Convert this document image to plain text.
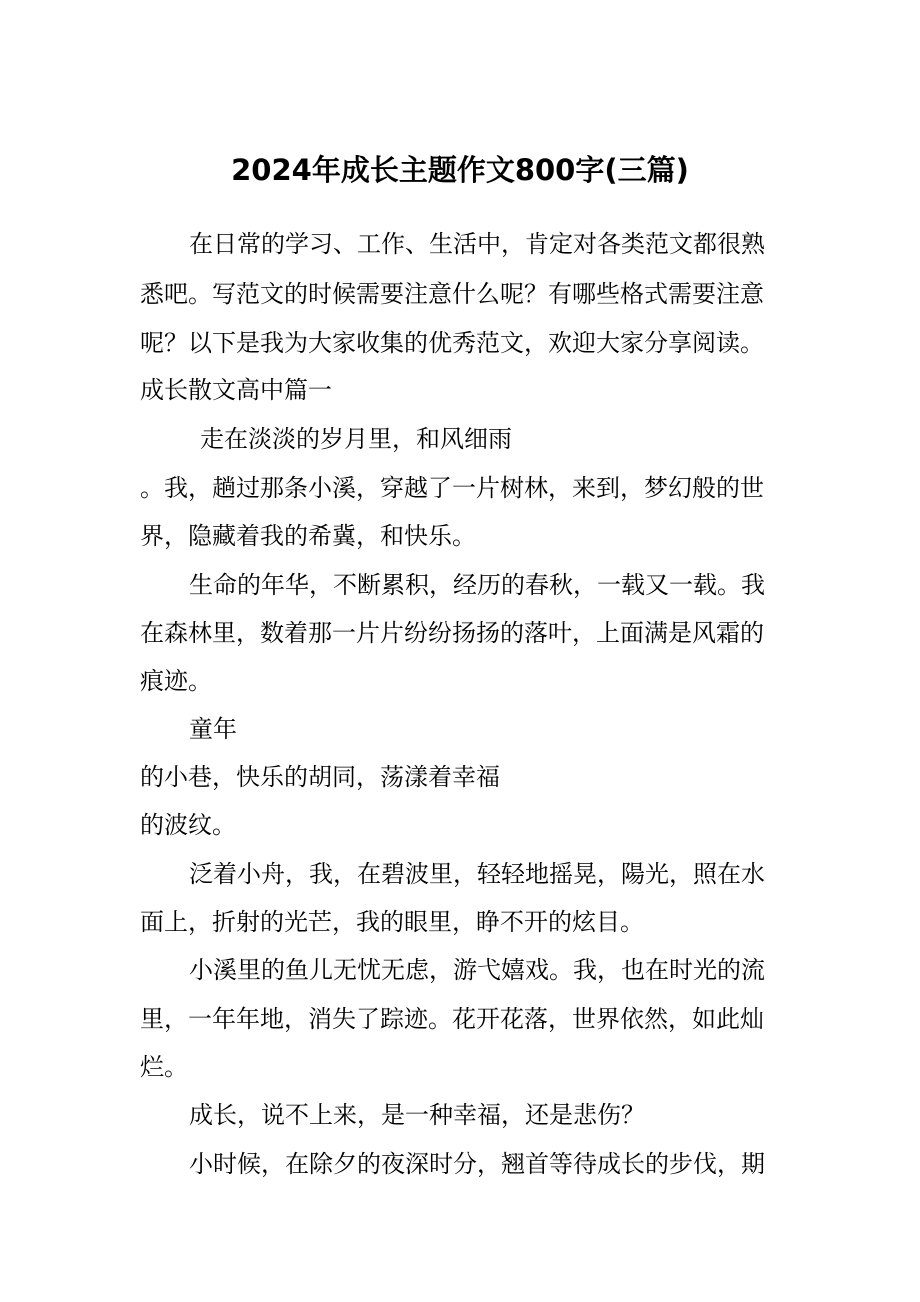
2024年成长主题作文800字(三篇)
在日常的学习、工作、生活中，肯定对各类范文都很熟
悉吧。写范文的时候需要注意什么呢？有哪些格式需要注意
呢？以下是我为大家收集的优秀范文，欢迎大家分享阅读。
成长散文高中篇一
走在淡淡的岁月里，和风细雨
。我，趟过那条小溪，穿越了一片树林，来到，梦幻般的世
界，隐藏着我的希冀，和快乐。
生命的年华，不断累积，经历的春秋，一载又一载。我
在森林里，数着那一片片纷纷扬扬的落叶，上面满是风霜的
痕迹。
童年
的小巷，快乐的胡同，荡漾着幸福
的波纹。
泛着小舟，我，在碧波里，轻轻地摇晃，陽光，照在水
面上，折射的光芒，我的眼里，睁不开的炫目。
小溪里的鱼儿无忧无虑，游弋嬉戏。我，也在时光的流
里，一年年地，消失了踪迹。花开花落，世界依然，如此灿
烂。
成长，说不上来，是一种幸福，还是悲伤？
小时候，在除夕的夜深时分，翘首等待成长的步伐，期
